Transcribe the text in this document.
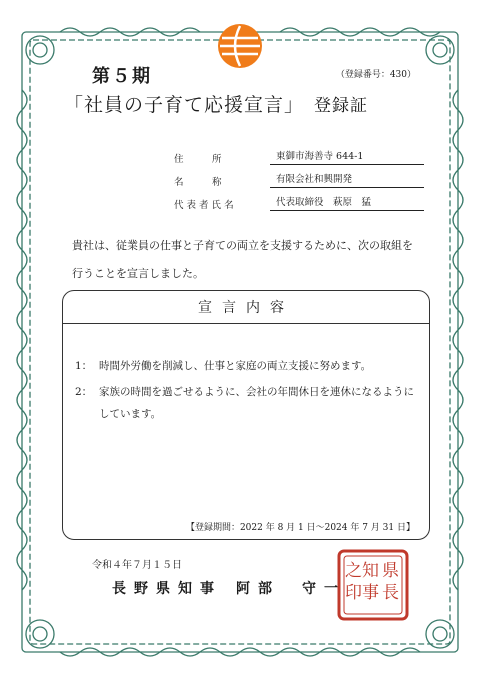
第５期	（登録番号：430）
「社員の子育て応援宣言」 登録証
住　　　所	東御市海善寺 644-1
名　　　称	有限会社和興開発
代 表 者 氏 名	代表取締役　萩原　猛
貴社は、従業員の仕事と子育ての両立を支援するために、次の取組を行うことを宣言しました。
宣言内容
1： 時間外労働を削減し、仕事と家庭の両立支援に努めます。
2： 家族の時間を過ごせるように、会社の年間休日を連休になるように しています。
【登録期間：2022 年 8 月 1 日～2024 年 7 月 31 日】
令和４年７月１５日
長野県知事 阿部　守一
県
長
知
事
之
印
